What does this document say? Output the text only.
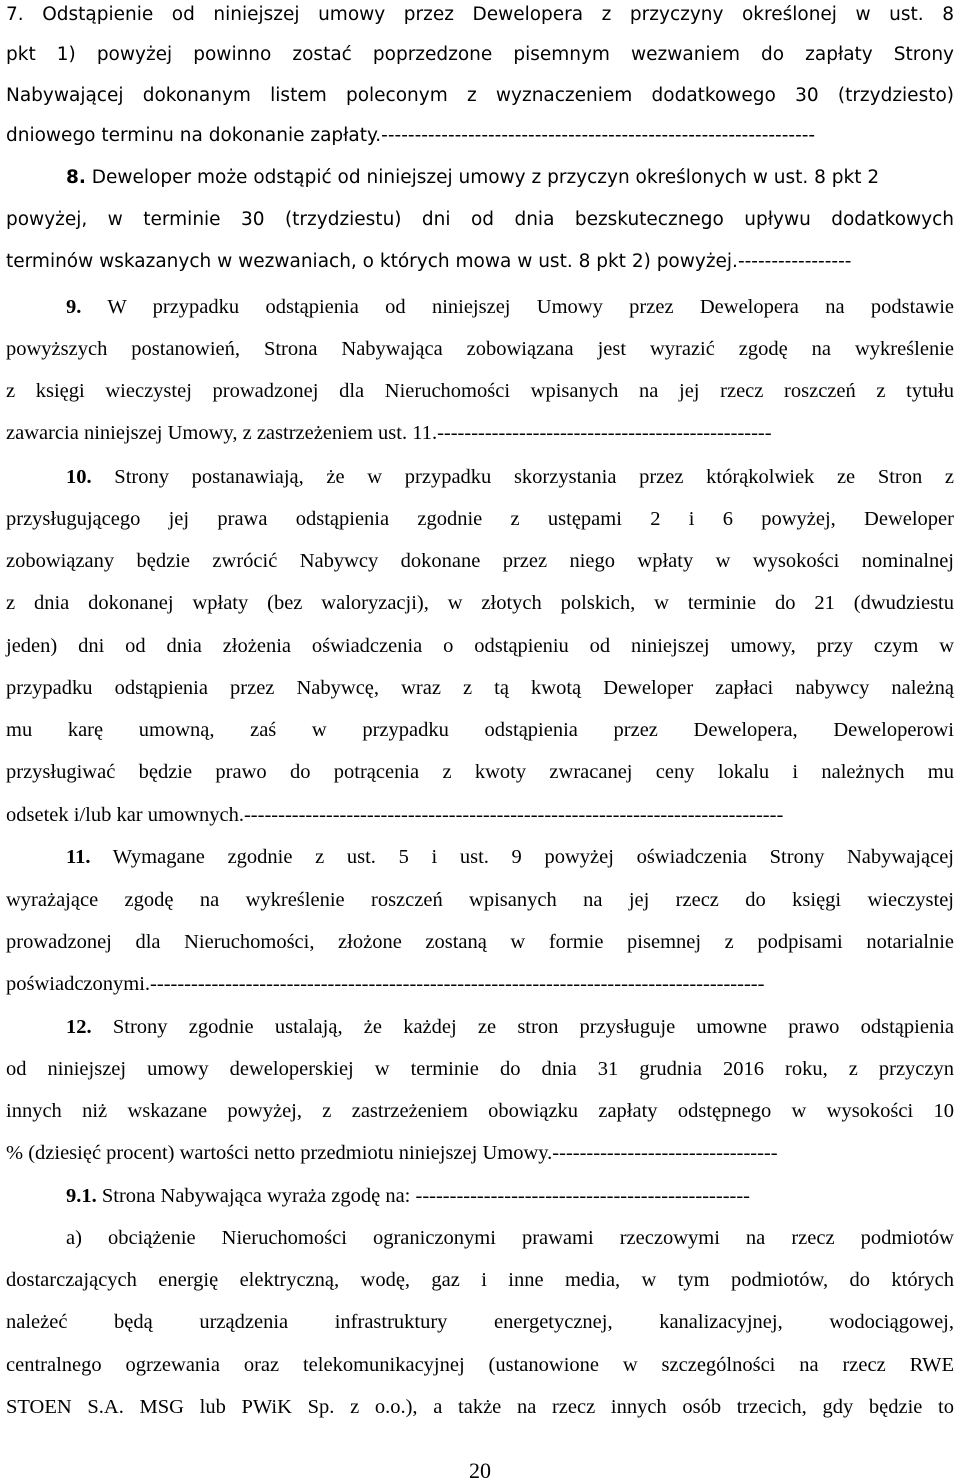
7. Odstąpienie od niniejszej umowy przez Dewelopera z przyczyny określonej w ust. 8
pkt 1) powyżej powinno zostać poprzedzone pisemnym wezwaniem do zapłaty Strony
Nabywającej dokonanym listem poleconym z wyznaczeniem dodatkowego 30 (trzydziesto)
dniowego terminu na dokonanie zapłaty.-----------------------------------------------------------------
8. Deweloper może odstąpić od niniejszej umowy z przyczyn określonych w ust. 8 pkt 2
powyżej, w terminie 30 (trzydziestu) dni od dnia bezskutecznego upływu dodatkowych
terminów wskazanych w wezwaniach, o których mowa w ust. 8 pkt 2) powyżej.-----------------
9. W przypadku odstąpienia od niniejszej Umowy przez Dewelopera na podstawie
powyższych postanowień, Strona Nabywająca zobowiązana jest wyrazić zgodę na wykreślenie
z księgi wieczystej prowadzonej dla Nieruchomości wpisanych na jej rzecz roszczeń z tytułu
zawarcia niniejszej Umowy, z zastrzeżeniem ust. 11.-------------------------------------------------
10. Strony postanawiają, że w przypadku skorzystania przez którąkolwiek ze Stron z
przysługującego jej prawa odstąpienia zgodnie z ustępami 2 i 6 powyżej, Deweloper
zobowiązany będzie zwrócić Nabywcy dokonane przez niego wpłaty w wysokości nominalnej
z dnia dokonanej wpłaty (bez waloryzacji), w złotych polskich, w terminie do 21 (dwudziestu
jeden) dni od dnia złożenia oświadczenia o odstąpieniu od niniejszej umowy, przy czym w
przypadku odstąpienia przez Nabywcę, wraz z tą kwotą Deweloper zapłaci nabywcy należną
mu karę umowną, zaś w przypadku odstąpienia przez Dewelopera, Deweloperowi
przysługiwać będzie prawo do potrącenia z kwoty zwracanej ceny lokalu i należnych mu
odsetek i/lub kar umownych.-------------------------------------------------------------------------------
11. Wymagane zgodnie z ust. 5 i ust. 9 powyżej oświadczenia Strony Nabywającej
wyrażające zgodę na wykreślenie roszczeń wpisanych na jej rzecz do księgi wieczystej
prowadzonej dla Nieruchomości, złożone zostaną w formie pisemnej z podpisami notarialnie
poświadczonymi.------------------------------------------------------------------------------------------
12. Strony zgodnie ustalają, że każdej ze stron przysługuje umowne prawo odstąpienia
od niniejszej umowy deweloperskiej w terminie do dnia 31 grudnia 2016 roku, z przyczyn
innych niż wskazane powyżej, z zastrzeżeniem obowiązku zapłaty odstępnego w wysokości 10
% (dziesięć procent) wartości netto przedmiotu niniejszej Umowy.---------------------------------
9.1. Strona Nabywająca wyraża zgodę na: -------------------------------------------------
a) obciążenie Nieruchomości ograniczonymi prawami rzeczowymi na rzecz podmiotów
dostarczających energię elektryczną, wodę, gaz i inne media, w tym podmiotów, do których
należeć będą urządzenia infrastruktury energetycznej, kanalizacyjnej, wodociągowej,
centralnego ogrzewania oraz telekomunikacyjnej (ustanowione w szczególności na rzecz RWE
STOEN S.A. MSG lub PWiK Sp. z o.o.), a także na rzecz innych osób trzecich, gdy będzie to
20
